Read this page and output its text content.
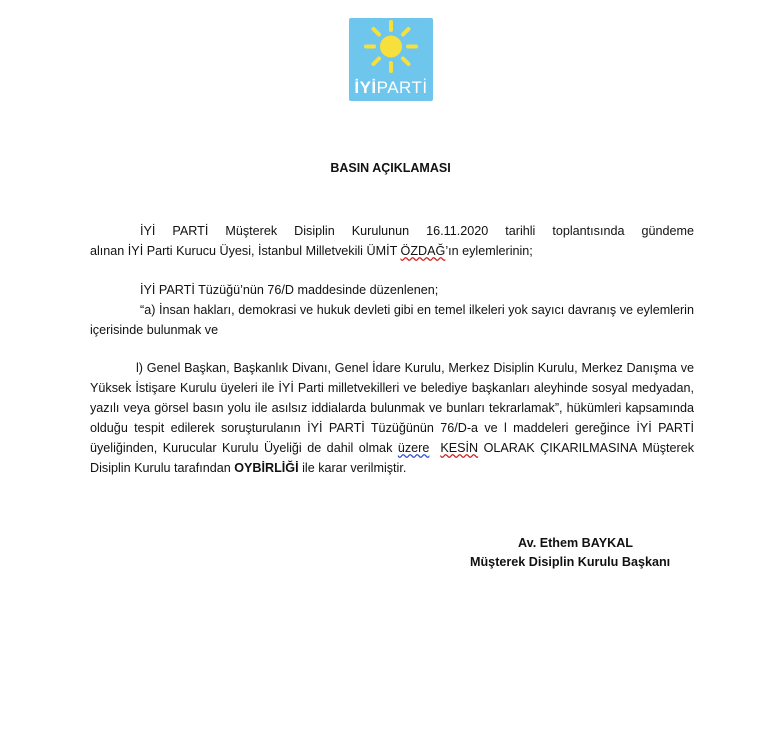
İYİPARTİ
BASIN AÇIKLAMASI
İYİ PARTİ Müşterek Disiplin Kurulunun 16.11.2020 tarihli toplantısında gündeme
alınan İYİ Parti Kurucu Üyesi, İstanbul Milletvekili ÜMİT ÖZDAĞ’ın eylemlerinin;
İYİ PARTİ Tüzüğü’nün 76/D maddesinde düzenlenen;
“a) İnsan hakları, demokrasi ve hukuk devleti gibi en temel ilkeleri yok sayıcı davranış ve eylemlerin içerisinde bulunmak ve
l) Genel Başkan, Başkanlık Divanı, Genel İdare Kurulu, Merkez Disiplin Kurulu, Merkez Danışma ve Yüksek İstişare Kurulu üyeleri ile İYİ Parti milletvekilleri ve belediye başkanları aleyhinde sosyal medyadan, yazılı veya görsel basın yolu ile asılsız iddialarda bulunmak ve bunları tekrarlamak”, hükümleri kapsamında olduğu tespit edilerek soruşturulanın İYİ PARTİ Tüzüğünün 76/D-a ve l maddeleri gereğince İYİ PARTİ üyeliğinden, Kurucular Kurulu Üyeliği de dahil olmak üzere KESİN OLARAK ÇIKARILMASINA Müşterek Disiplin Kurulu tarafından OYBİRLİĞİ ile karar verilmiştir.
Av. Ethem BAYKAL
Müşterek Disiplin Kurulu Başkanı
